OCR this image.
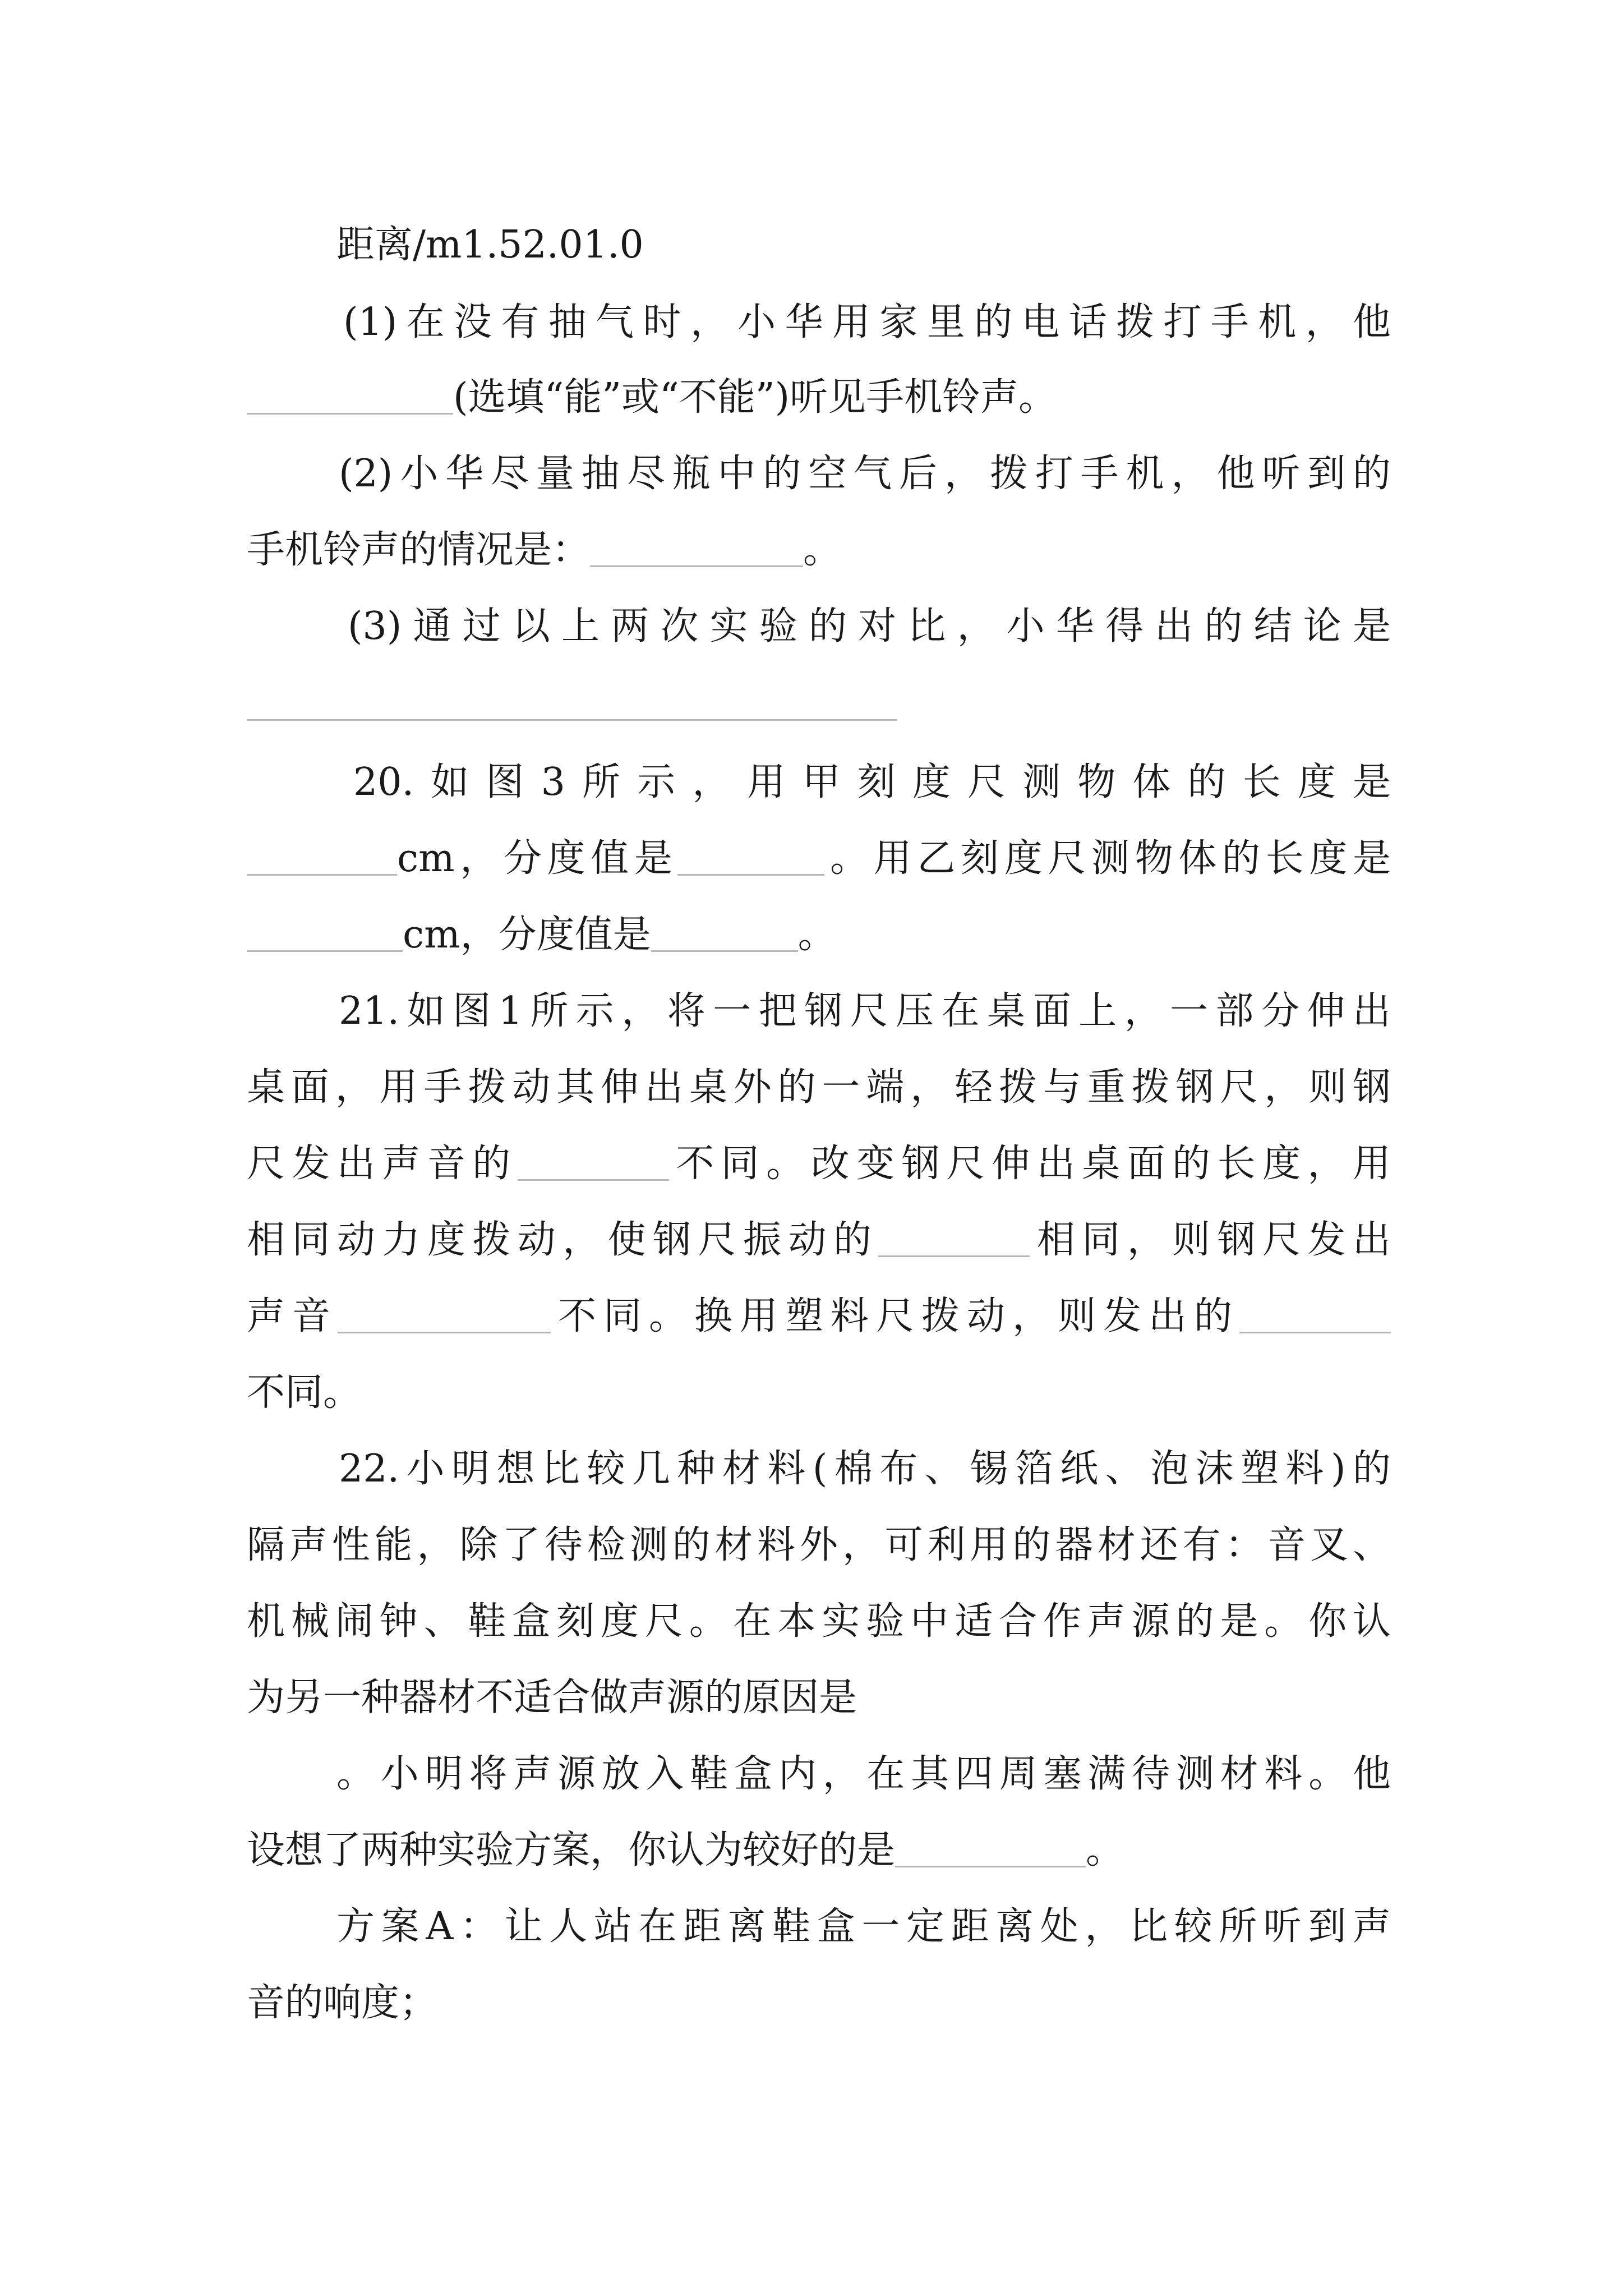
距离/m1.52.01.0

(1)在没有抽气时，小华用家里的电话拨打手机，他

(选填“能”或“不能”)听见手机铃声。

(2)小华尽量抽尽瓶中的空气后，拨打手机，他听到的

手机铃声的情况是：	。

(3)通过以上两次实验的对比，小华得出的结论是

20.如图3所示，用甲刻度尺测物体的长度是

cm，分度值是	。用乙刻度尺测物体的长度是

cm，分度值是	。

21.如图1所示，将一把钢尺压在桌面上，一部分伸出

桌面，用手拨动其伸出桌外的一端，轻拨与重拨钢尺，则钢

尺发出声音的	不同。改变钢尺伸出桌面的长度，用

相同动力度拨动，使钢尺振动的	相同，则钢尺发出

声音	不同。换用塑料尺拨动，则发出的

不同。

22.小明想比较几种材料(棉布、锡箔纸、泡沫塑料)的

隔声性能，除了待检测的材料外，可利用的器材还有：音叉、

机械闹钟、鞋盒刻度尺。在本实验中适合作声源的是。你认

为另一种器材不适合做声源的原因是

。小明将声源放入鞋盒内，在其四周塞满待测材料。他

设想了两种实验方案，你认为较好的是	。

方案A：让人站在距离鞋盒一定距离处，比较所听到声

音的响度；
